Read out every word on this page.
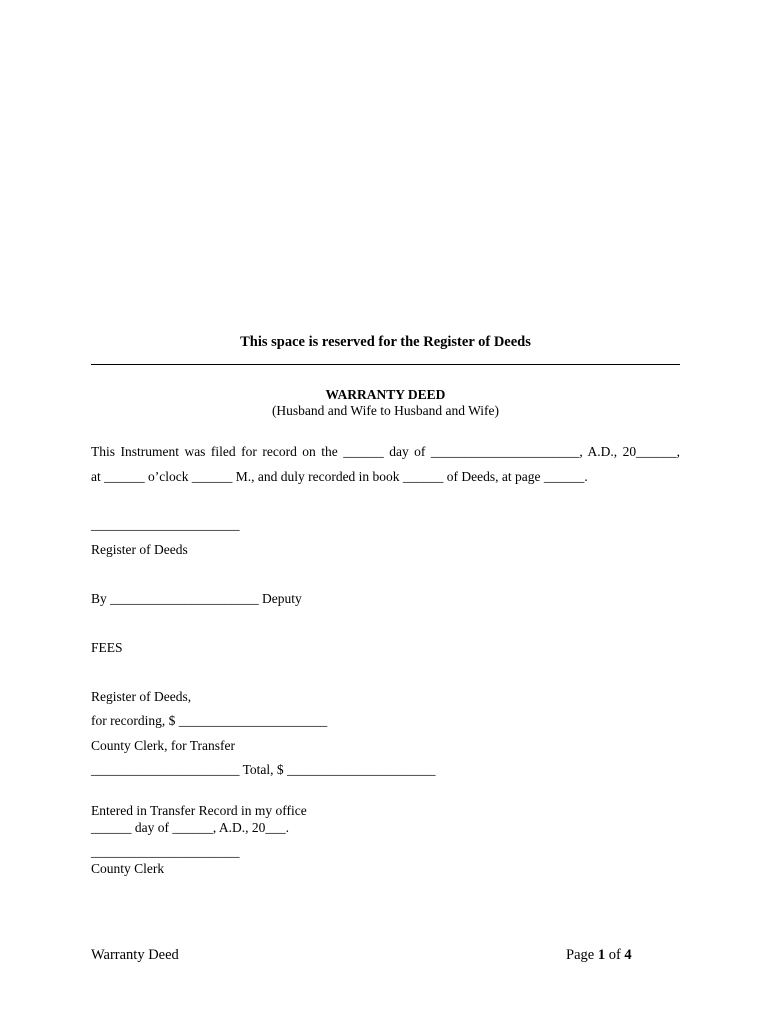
This space is reserved for the Register of Deeds
WARRANTY DEED
(Husband and Wife to Husband and Wife)
This Instrument was filed for record on the ______ day of ______________________, A.D., 20______,
at ______ o’clock ______ M., and duly recorded in book ______ of Deeds, at page ______.
______________________
Register of Deeds
By ______________________ Deputy
FEES
Register of Deeds,
for recording, $ ______________________
County Clerk, for Transfer
______________________ Total, $ ______________________
Entered in Transfer Record in my office
______ day of ______, A.D., 20___.
______________________
County Clerk
Warranty Deed	Page 1 of 4
